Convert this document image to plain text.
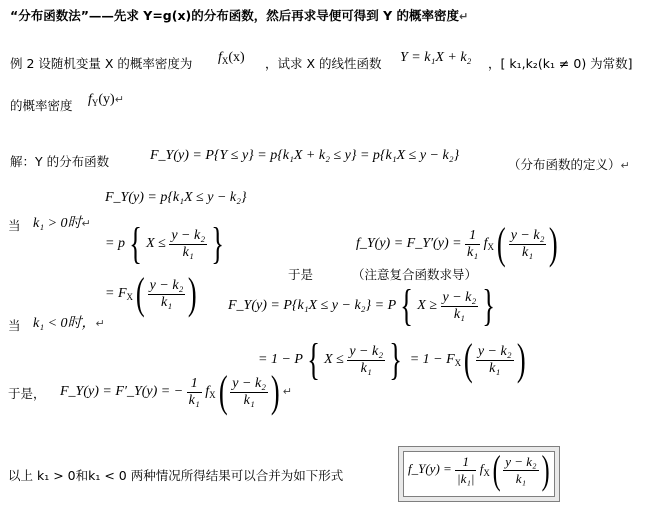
“分布函数法”——先求 Y=g(x)的分布函数，然后再求导便可得到 Y 的概率密度↵
例 2 设随机变量 X 的概率密度为 $f_X(x)$ ，试求 X 的线性函数 Y = k₁X + k₂ ，[ k₁,k₂(k₁ ≠ 0) 为常数]
的概率密度 $f_Y(y)↵$
解：Y 的分布函数	F_Y(y) = P{Y ≤ y} = p{k₁X + k₂ ≤ y} = p{k₁X ≤ y − k₂}
（分布函数的定义）↵
F_Y(y) = p{k₁X ≤ y − k₂}
当 k₁ > 0时↵
= p{ $X \le \frac{\text{y − k₂}}{\text{k₁}}$ }
= $F_X( \frac{\text{y − k₂}}{\text{k₁}}$ )
f_Y(y) = F_Y′(y) = $\frac{1}{\text{k₁}} f_X( \frac{\text{y − k₂}}{\text{k₁}}$ )
于是	（注意复合函数求导）
当 k₁ < 0时，↵
F_Y(y) = P{k₁X ≤ y − k₂} = P{ $X \ge \frac{\text{y − k₂}}{\text{k₁}}$ }
= 1 − P{ $X \le \frac{\text{y − k₂}}{\text{k₁}}$ } = $1 - F_X( \frac{\text{y − k₂}}{\text{k₁}}$ )
于是， F_Y(y) = F′_Y(y) = − $\frac{1}{\text{k₁}} f_X( \frac{\text{y − k₂}}{\text{k₁}}$ ) ↵
以上 k₁ > 0和k₁ < 0 两种情况所得结果可以合并为如下形式	f_Y(y) = $\frac{1}{\text{|k₁|}} f_X( \frac{\text{y − k₂}}{\text{k₁}}$ )
